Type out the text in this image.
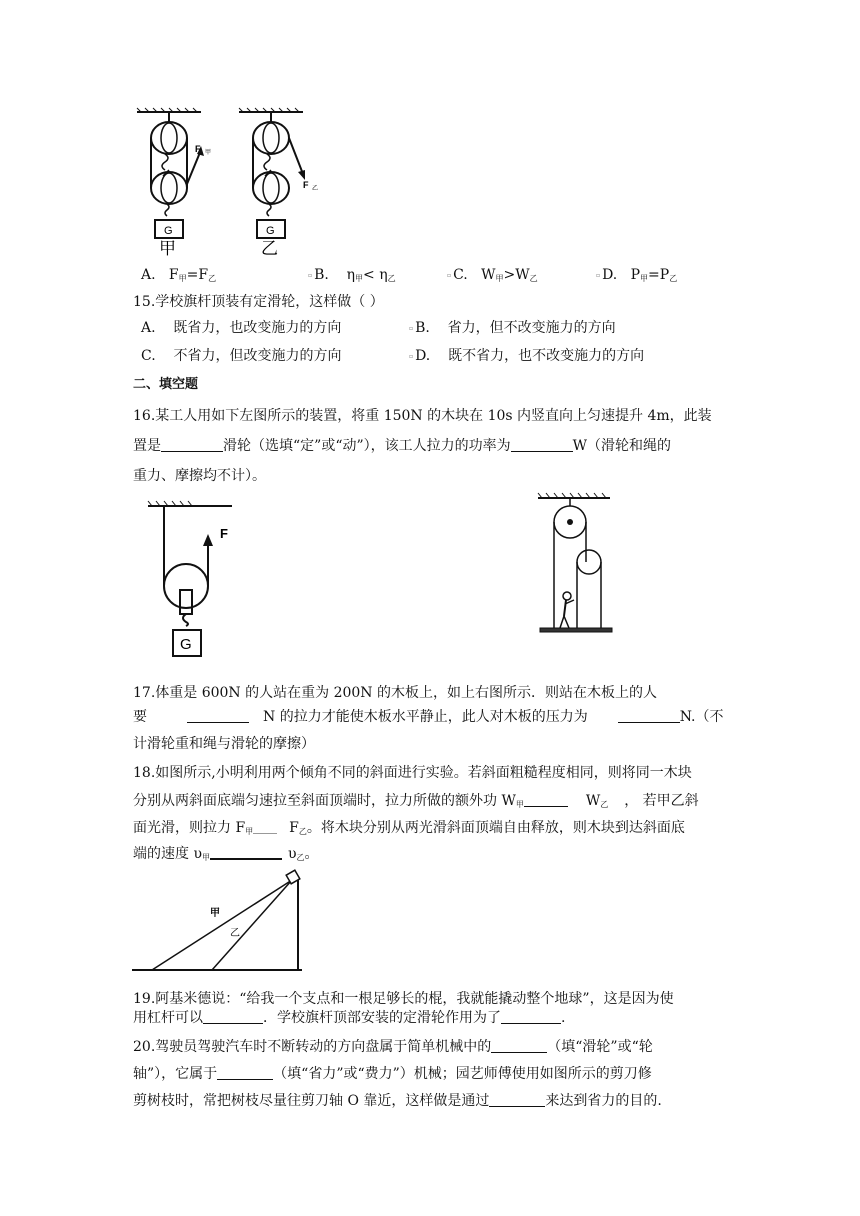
G
F 甲
甲
G
F 乙
乙
A. $F_甲=F_乙$	▫ B. $\eta_甲< \eta_乙$	▫ C. $W_甲>W_乙$	▫ D. $P_甲=P_乙$
15.学校旗杆顶装有定滑轮，这样做（ ）
A. 既省力，也改变施力的方向	▫ B. 省力，但不改变施力的方向
C. 不省力，但改变施力的方向	▫ D. 既不省力，也不改变施力的方向
二、填空题
16.某工人用如下左图所示的装置，将重 150N 的木块在 10s 内竖直向上匀速提升 4m，此装
置是	滑轮（选填“定”或“动”），该工人拉力的功率为	W（滑轮和绳的
重力、摩擦均不计）。
F
G
17.体重是 600N 的人站在重为 200N 的木板上，如上右图所示．则站在木板上的人
要	N 的拉力才能使木板水平静止，此人对木板的压力为	N.（不
计滑轮重和绳与滑轮的摩擦）
18.如图所示,小明利用两个倾角不同的斜面进行实验。若斜面粗糙程度相同，则将同一木块
分别从两斜面底端匀速拉至斜面顶端时，拉力所做的额外功 $W_甲$	$W_乙$ ， 若甲乙斜
面光滑，则拉力 $F_甲$	$F_乙$。将木块分别从两光滑斜面顶端自由释放，则木块到达斜面底
端的速度 $\upsilon_甲$	$\upsilon_乙$。
甲
乙
19.阿基米德说：“给我一个支点和一根足够长的棍，我就能撬动整个地球”，这是因为使
用杠杆可以	．学校旗杆顶部安装的定滑轮作用为了	.
20.驾驶员驾驶汽车时不断转动的方向盘属于简单机械中的	（填“滑轮”或“轮
轴”），它属于	（填“省力”或“费力”）机械；园艺师傅使用如图所示的剪刀修
剪树枝时，常把树枝尽量往剪刀轴 O 靠近，这样做是通过	来达到省力的目的.
